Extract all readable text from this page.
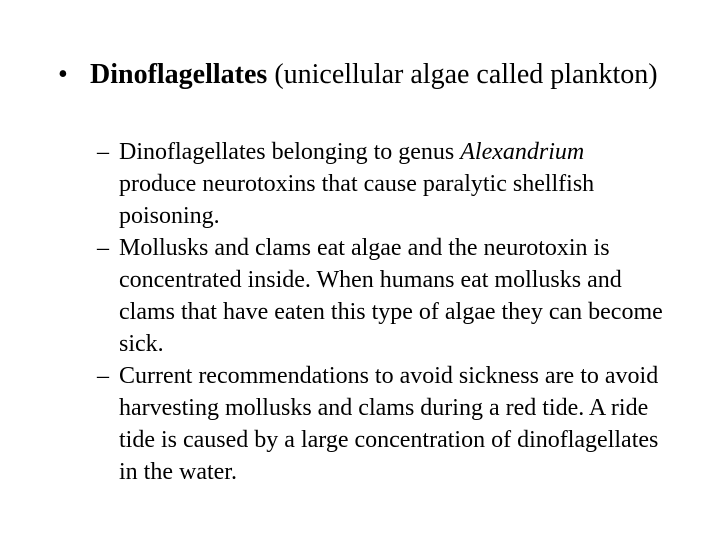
• Dinoflagellates (unicellular algae called plankton)
– Dinoflagellates belonging to genus Alexandrium produce neurotoxins that cause paralytic shellfish poisoning.
– Mollusks and clams eat algae and the neurotoxin is concentrated inside. When humans eat mollusks and clams that have eaten this type of algae they can become sick.
– Current recommendations to avoid sickness are to avoid harvesting mollusks and clams during a red tide. A ride tide is caused by a large concentration of dinoflagellates in the water.
